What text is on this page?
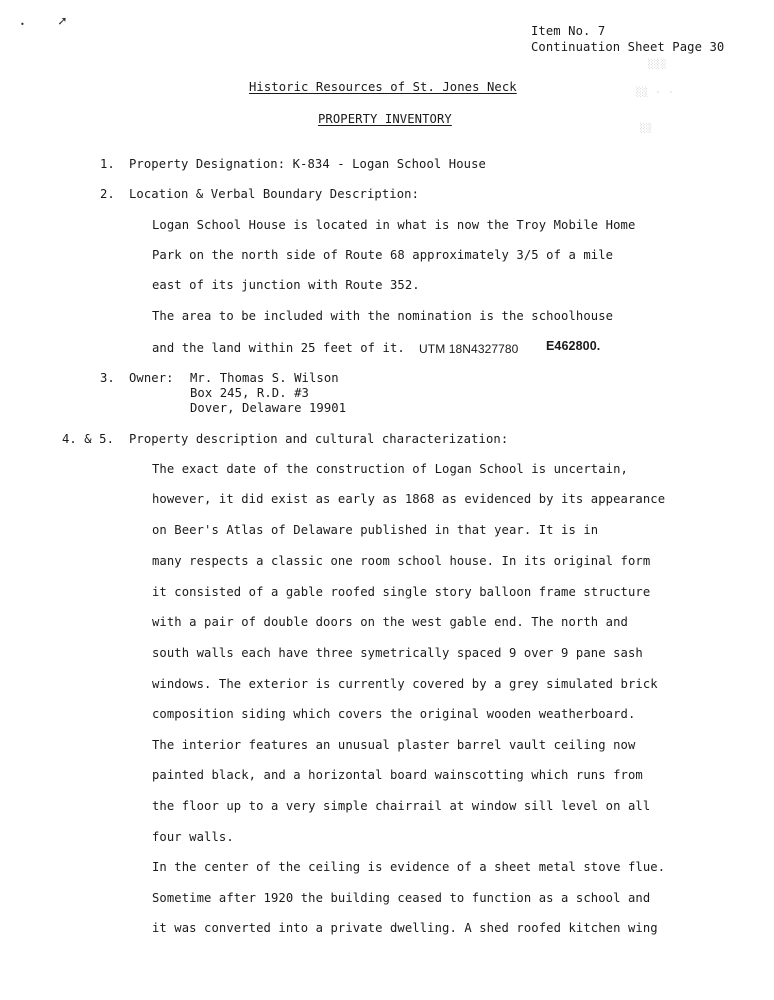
➚
•
░░░
░░ · ·
░░
Item No. 7
Continuation Sheet Page 30
Historic Resources of St. Jones Neck
PROPERTY INVENTORY
1. Property Designation: K-834 - Logan School House
2. Location & Verbal Boundary Description:
Logan School House is located in what is now the Troy Mobile Home
Park on the north side of Route 68 approximately 3/5 of a mile
east of its junction with Route 352.
The area to be included with the nomination is the schoolhouse
and the land within 25 feet of it. UTM 18N4327780 E462800.
3. Owner: Mr. Thomas S. Wilson
Box 245, R.D. #3
Dover, Delaware 19901
4. & 5. Property description and cultural characterization:
The exact date of the construction of Logan School is uncertain,
however, it did exist as early as 1868 as evidenced by its appearance
on Beer's Atlas of Delaware published in that year. It is in
many respects a classic one room school house. In its original form
it consisted of a gable roofed single story balloon frame structure
with a pair of double doors on the west gable end. The north and
south walls each have three symetrically spaced 9 over 9 pane sash
windows. The exterior is currently covered by a grey simulated brick
composition siding which covers the original wooden weatherboard.
The interior features an unusual plaster barrel vault ceiling now
painted black, and a horizontal board wainscotting which runs from
the floor up to a very simple chairrail at window sill level on all
four walls.
In the center of the ceiling is evidence of a sheet metal stove flue.
Sometime after 1920 the building ceased to function as a school and
it was converted into a private dwelling. A shed roofed kitchen wing
